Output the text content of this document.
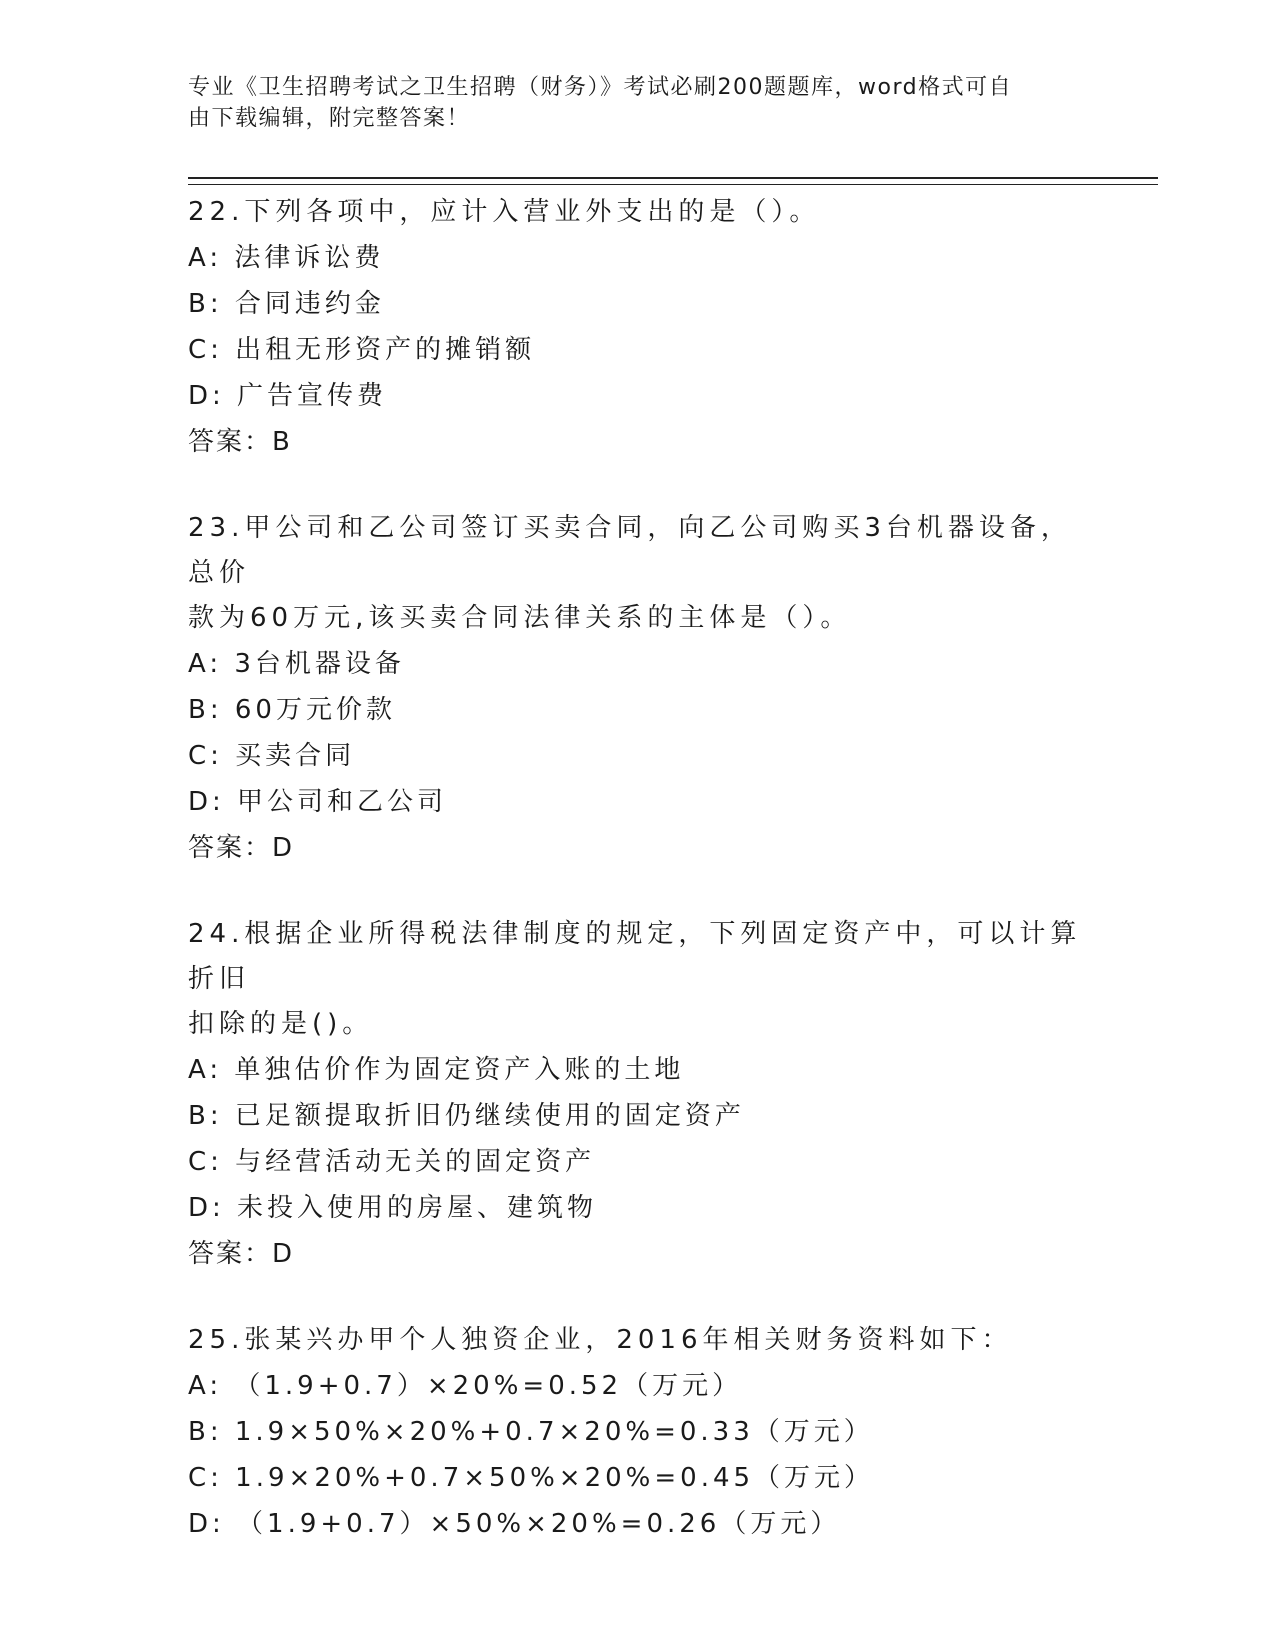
专业《卫生招聘考试之卫生招聘（财务）》考试必刷200题题库，word格式可自
由下载编辑，附完整答案！
22.下列各项中，应计入营业外支出的是（）。
A: 法律诉讼费
B: 合同违约金
C: 出租无形资产的摊销额
D: 广告宣传费
答案：B
23.甲公司和乙公司签订买卖合同，向乙公司购买3台机器设备，总价
款为60万元,该买卖合同法律关系的主体是（）。
A: 3台机器设备
B: 60万元价款
C: 买卖合同
D: 甲公司和乙公司
答案：D
24.根据企业所得税法律制度的规定，下列固定资产中，可以计算折旧
扣除的是()。
A: 单独估价作为固定资产入账的土地
B: 已足额提取折旧仍继续使用的固定资产
C: 与经营活动无关的固定资产
D: 未投入使用的房屋、建筑物
答案：D
25.张某兴办甲个人独资企业，2016年相关财务资料如下：
A: （1.9+0.7）×20%=0.52（万元）
B: 1.9×50%×20%+0.7×20%=0.33（万元）
C: 1.9×20%+0.7×50%×20%=0.45（万元）
D: （1.9+0.7）×50%×20%=0.26（万元）
